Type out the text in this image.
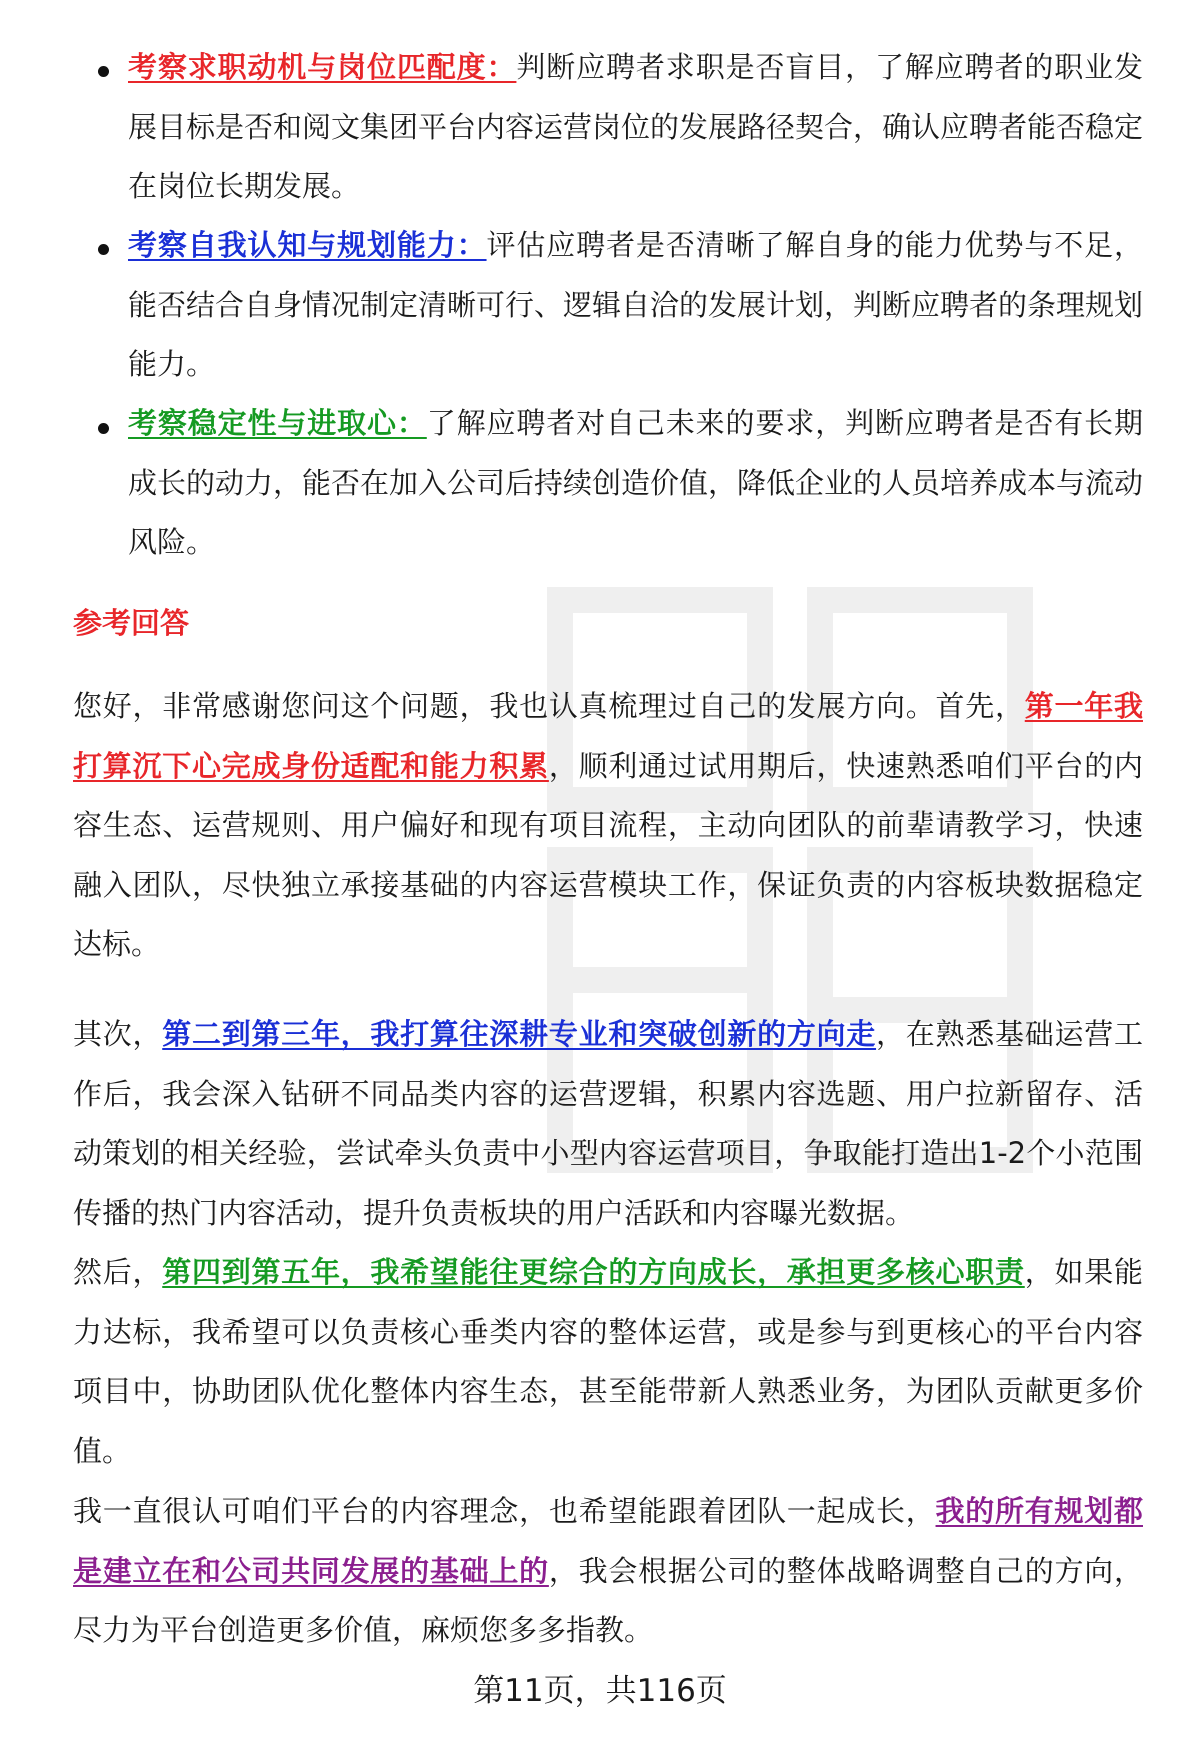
考察求职动机与岗位匹配度：判断应聘者求职是否盲目，了解应聘者的职业发展目标是否和阅文集团平台内容运营岗位的发展路径契合，确认应聘者能否稳定在岗位长期发展。

考察自我认知与规划能力：评估应聘者是否清晰了解自身的能力优势与不足，能否结合自身情况制定清晰可行、逻辑自洽的发展计划，判断应聘者的条理规划能力。

考察稳定性与进取心：了解应聘者对自己未来的要求，判断应聘者是否有长期成长的动力，能否在加入公司后持续创造价值，降低企业的人员培养成本与流动风险。

参考回答

您好，非常感谢您问这个问题，我也认真梳理过自己的发展方向。首先，第一年我打算沉下心完成身份适配和能力积累，顺利通过试用期后，快速熟悉咱们平台的内容生态、运营规则、用户偏好和现有项目流程，主动向团队的前辈请教学习，快速融入团队，尽快独立承接基础的内容运营模块工作，保证负责的内容板块数据稳定达标。

其次，第二到第三年，我打算往深耕专业和突破创新的方向走，在熟悉基础运营工作后，我会深入钻研不同品类内容的运营逻辑，积累内容选题、用户拉新留存、活动策划的相关经验，尝试牵头负责中小型内容运营项目，争取能打造出1-2个小范围传播的热门内容活动，提升负责板块的用户活跃和内容曝光数据。

然后，第四到第五年，我希望能往更综合的方向成长，承担更多核心职责，如果能力达标，我希望可以负责核心垂类内容的整体运营，或是参与到更核心的平台内容项目中，协助团队优化整体内容生态，甚至能带新人熟悉业务，为团队贡献更多价值。

我一直很认可咱们平台的内容理念，也希望能跟着团队一起成长，我的所有规划都是建立在和公司共同发展的基础上的，我会根据公司的整体战略调整自己的方向，尽力为平台创造更多价值，麻烦您多多指教。

第11页，共116页
